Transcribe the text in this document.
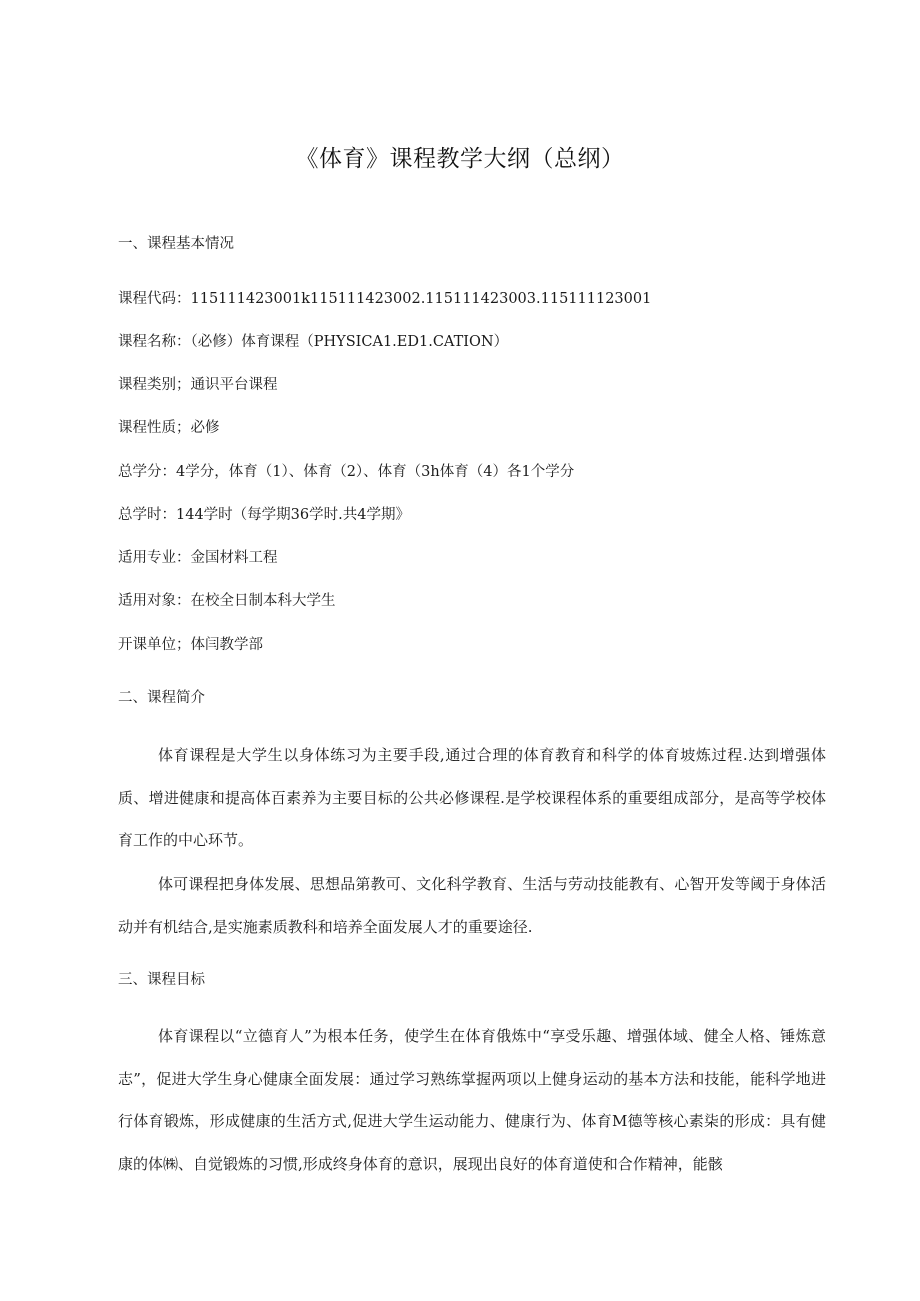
《体育》课程教学大纲（总纲）
一、课程基本情况
课程代码：115111423001k115111423002.115111423003.115111123001
课程名称：（必修）体育课程（PHYSICA1.ED1.CATION）
课程类别；通识平台课程
课程性质；必修
总学分：4学分，体育（1）、体育（2）、体育（3h体育（4）各1个学分
总学时：144学时（每学期36学时.共4学期》
适用专业：金国材料工程
适用对象：在校全日制本科大学生
开课单位；体闫教学部
二、课程简介
体育课程是大学生以身体练习为主要手段,通过合理的体育教育和科学的体育坡炼过程.达到增强体质、增进健康和提高体百素养为主要目标的公共必修课程.是学校课程体系的重要组成部分，是高等学校体育工作的中心环节。
体可课程把身体发展、思想品第教可、文化科学教育、生活与劳动技能教有、心智开发等阈于身体活动并有机结合,是实施素质教科和培养全面发展人才的重要途径.
三、课程目标
体育课程以“立德育人”为根本任务，使学生在体育俄炼中“享受乐趣、增强体域、健全人格、锤炼意志”，促进大学生身心健康全面发展：通过学习熟练掌握两项以上健身运动的基本方法和技能，能科学地进行体育锻炼，形成健康的生活方式,促进大学生运动能力、健康行为、体育M德等核心素柒的形成：具有健康的体㈱、自觉锻炼的习惯,形成终身体育的意识，展现出良好的体育道使和合作精神，能骸
